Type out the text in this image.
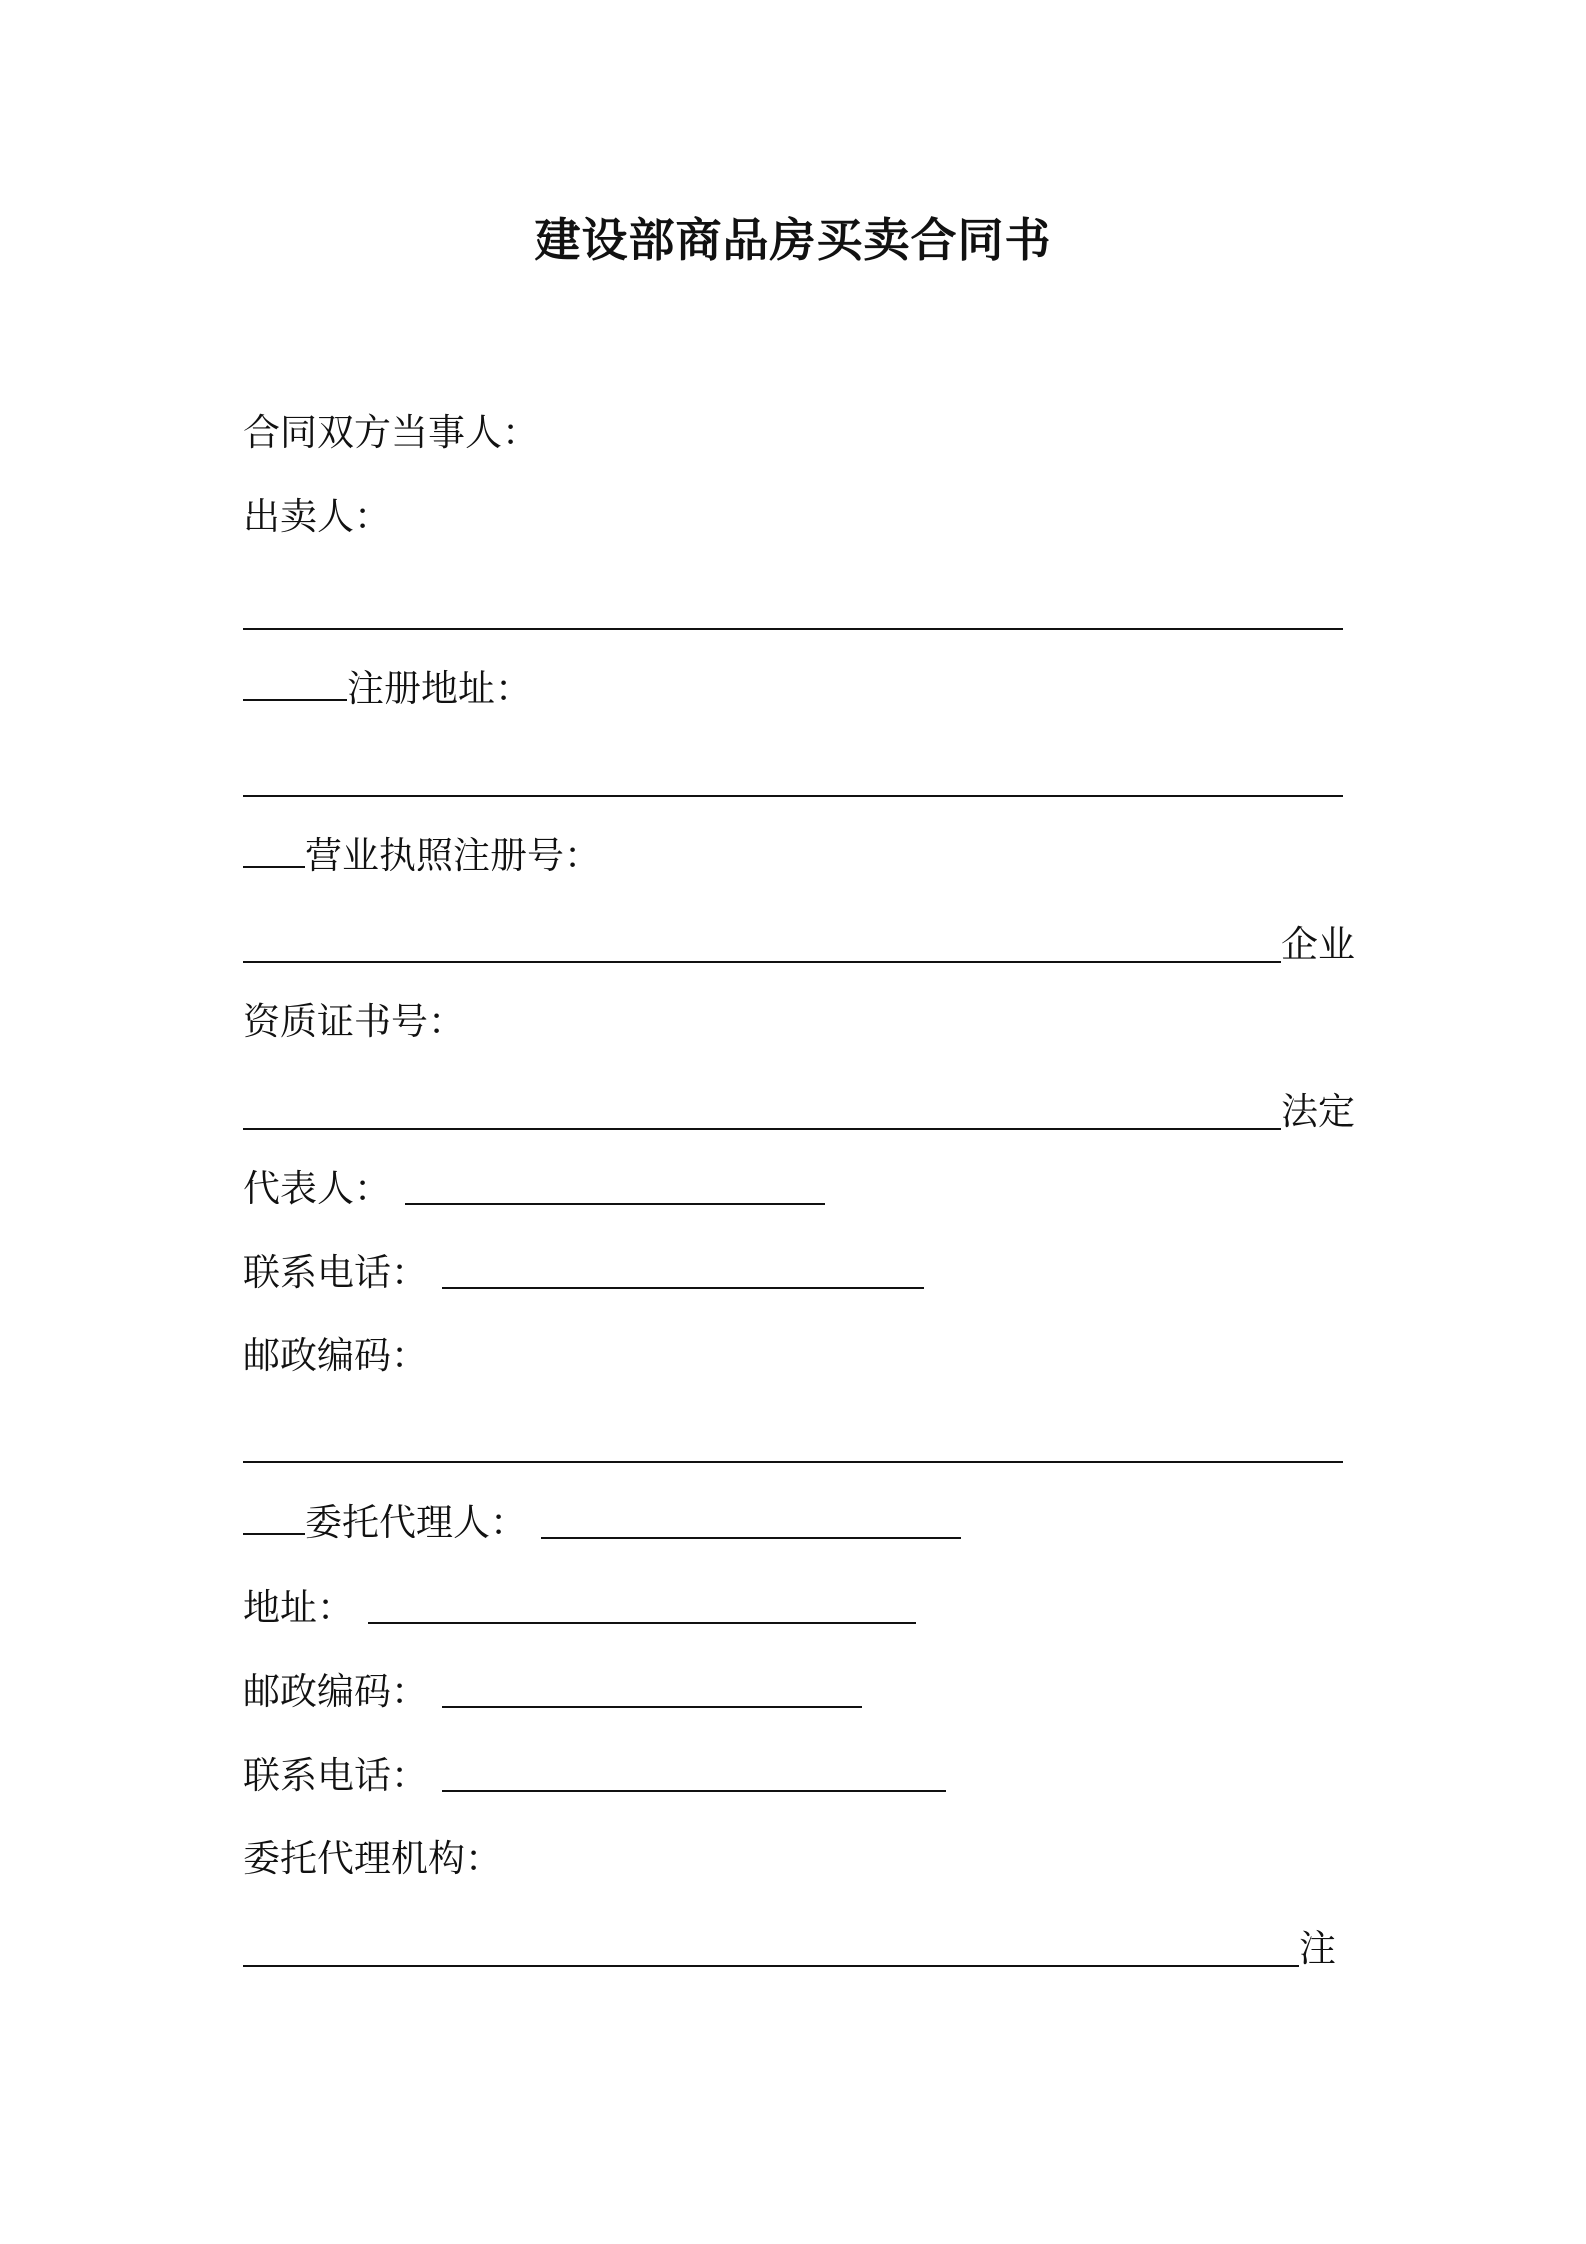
建设部商品房买卖合同书
合同双方当事人：
出卖人：
注册地址：
营业执照注册号：
企业
资质证书号：
法定
代表人：
联系电话：
邮政编码：
委托代理人：
地址：
邮政编码：
联系电话：
委托代理机构：
注
